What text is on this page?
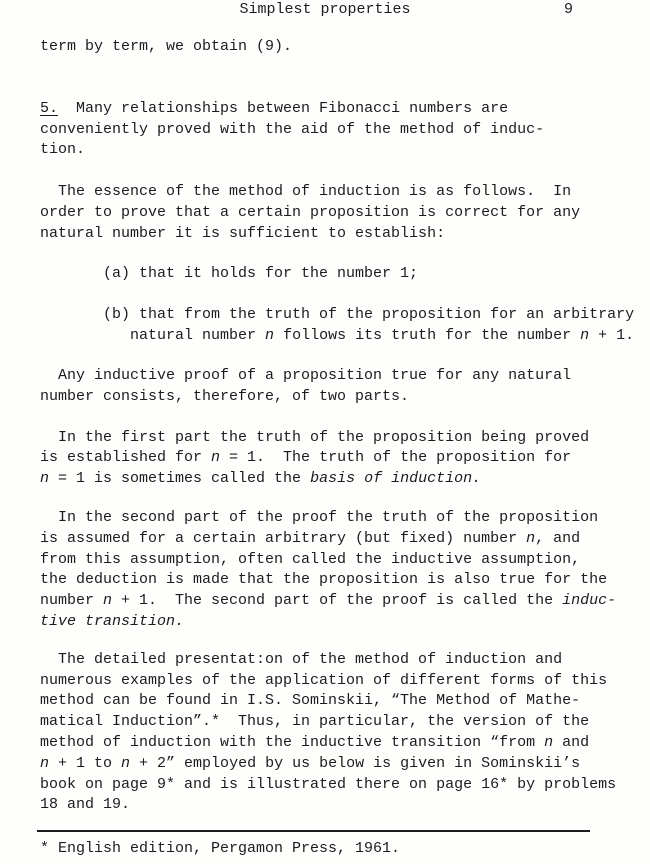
Simplest properties	9
term by term, we obtain (9).
5.  Many relationships between Fibonacci numbers are
conveniently proved with the aid of the method of induc-
tion.
The essence of the method of induction is as follows.  In
order to prove that a certain proposition is correct for any
natural number it is sufficient to establish:
(a) that it holds for the number 1;
(b) that from the truth of the proposition for an arbitrary
natural number n follows its truth for the number n + 1.
Any inductive proof of a proposition true for any natural
number consists, therefore, of two parts.
In the first part the truth of the proposition being proved
is established for n = 1.  The truth of the proposition for
n = 1 is sometimes called the basis of induction.
In the second part of the proof the truth of the proposition
is assumed for a certain arbitrary (but fixed) number n, and
from this assumption, often called the inductive assumption,
the deduction is made that the proposition is also true for the
number n + 1.  The second part of the proof is called the induc-
tive transition.
The detailed presentat:on of the method of induction and
numerous examples of the application of different forms of this
method can be found in I.S. Sominskii, “The Method of Mathe-
matical Induction”.*  Thus, in particular, the version of the
method of induction with the inductive transition “from n and
n + 1 to n + 2” employed by us below is given in Sominskii’s
book on page 9* and is illustrated there on page 16* by problems
18 and 19.
* English edition, Pergamon Press, 1961.
